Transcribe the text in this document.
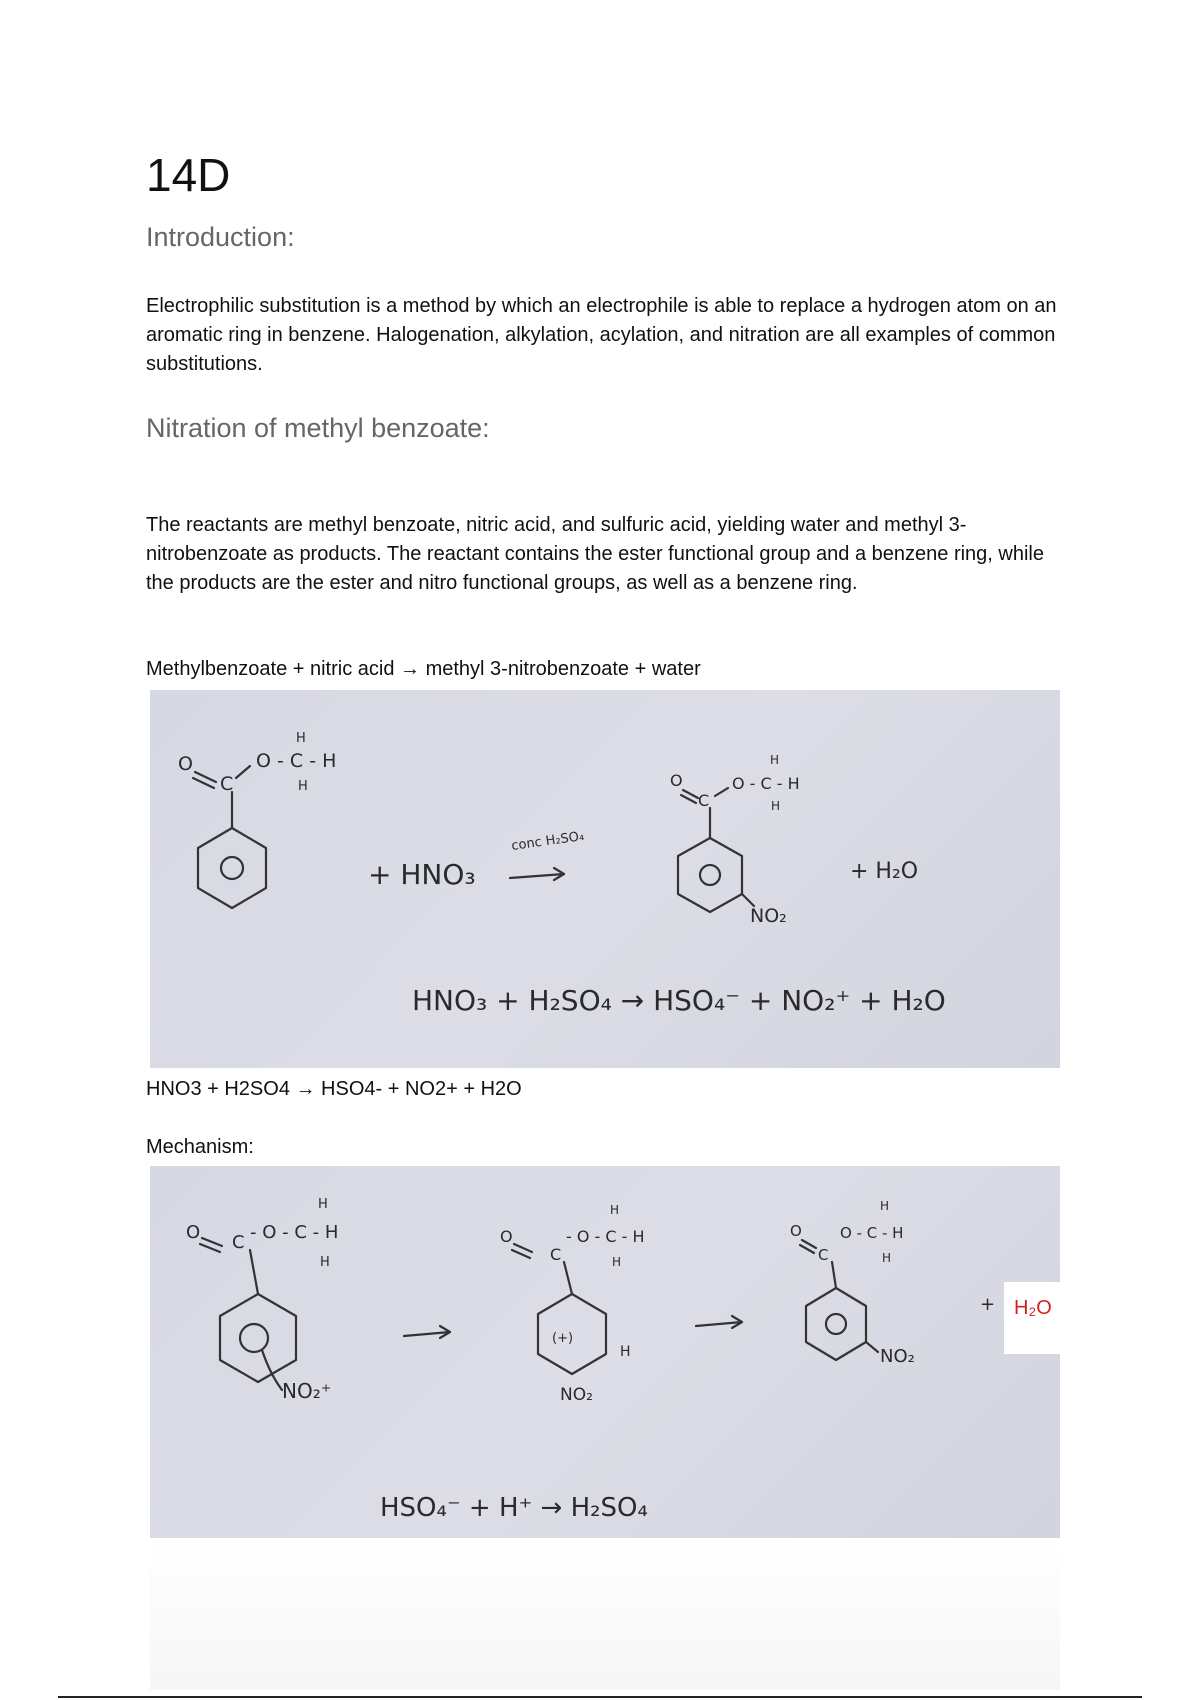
14D
Introduction:

Electrophilic substitution is a method by which an electrophile is able to replace a hydrogen atom on an aromatic ring in benzene. Halogenation, alkylation, acylation, and nitration are all examples of common substitutions.

Nitration of methyl benzoate:

The reactants are methyl benzoate, nitric acid, and sulfuric acid, yielding water and methyl 3-nitrobenzoate as products. The reactant contains the ester functional group and a benzene ring, while the products are the ester and nitro functional groups, as well as a benzene ring.

Methylbenzoate + nitric acid → methyl 3-nitrobenzoate + water

C
O	O - C - H
H
H
+ HNO₃
conc H₂SO₄
C
O	O - C - H
H
H
NO₂
+ H₂O
HNO₃ + H₂SO₄ → HSO₄⁻ + NO₂⁺ + H₂O

HNO3 + H2SO4 → HSO4- + NO2+ + H2O

Mechanism:

C
O	- O - C - H
H
H
NO₂⁺
(+)
C
O	- O - C - H
H
H
H
NO₂
C
O	O - C - H
H
H
NO₂
+
HSO₄⁻ + H⁺ → H₂SO₄
H₂O
